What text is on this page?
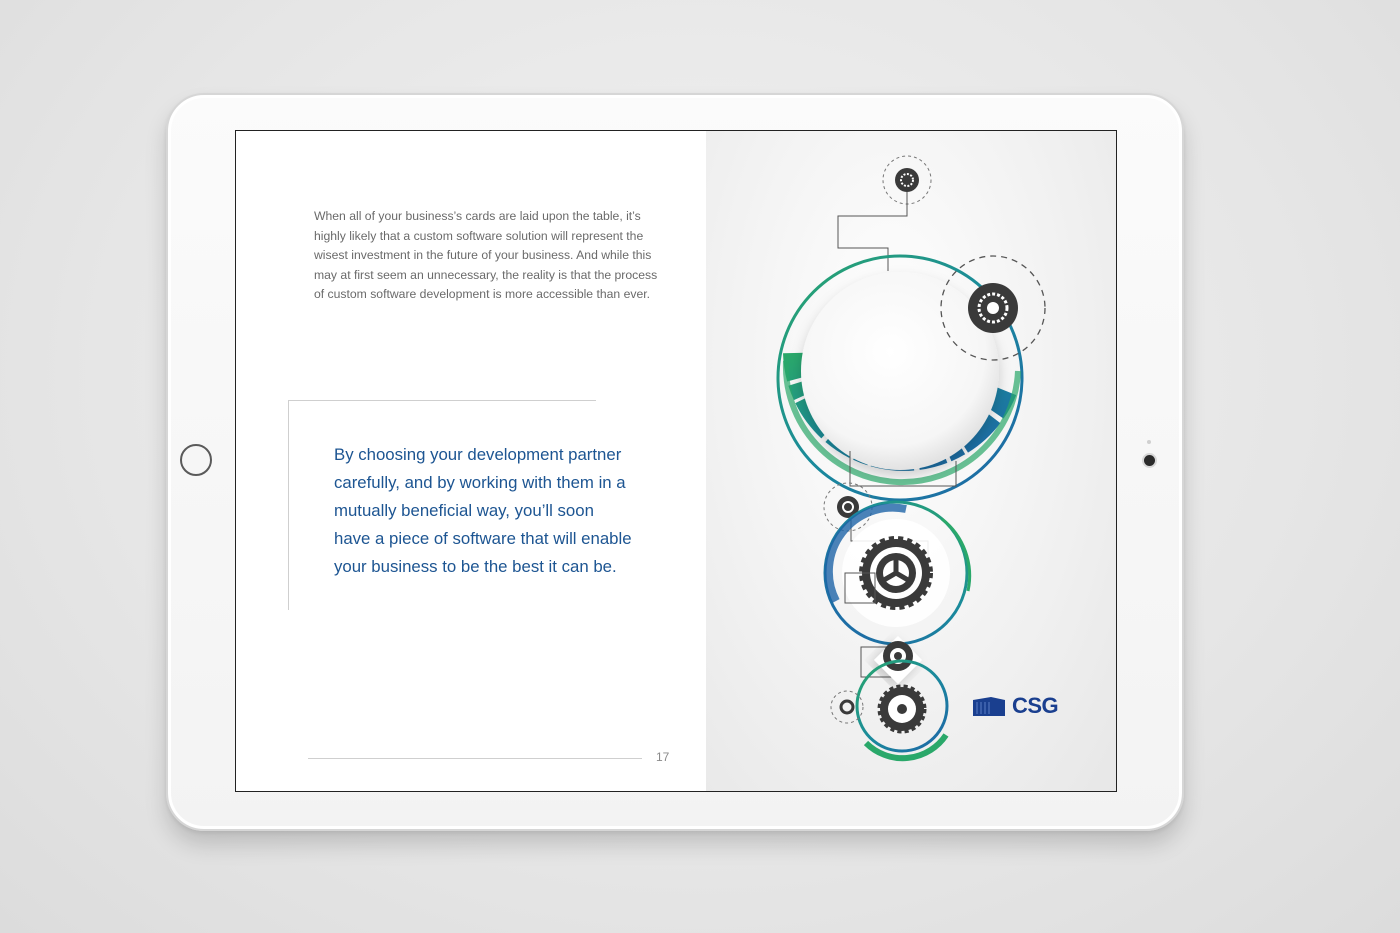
When all of your business’s cards are laid upon the table, it’s highly likely that a custom software solution will represent the wisest investment in the future of your business. And while this may at first seem an unnecessary, the reality is that the process of custom software development is more accessible than ever.

By choosing your development partner carefully, and by working with them in a mutually beneficial way, you’ll soon have a piece of software that will enable your business to be the best it can be.

17
CSG
